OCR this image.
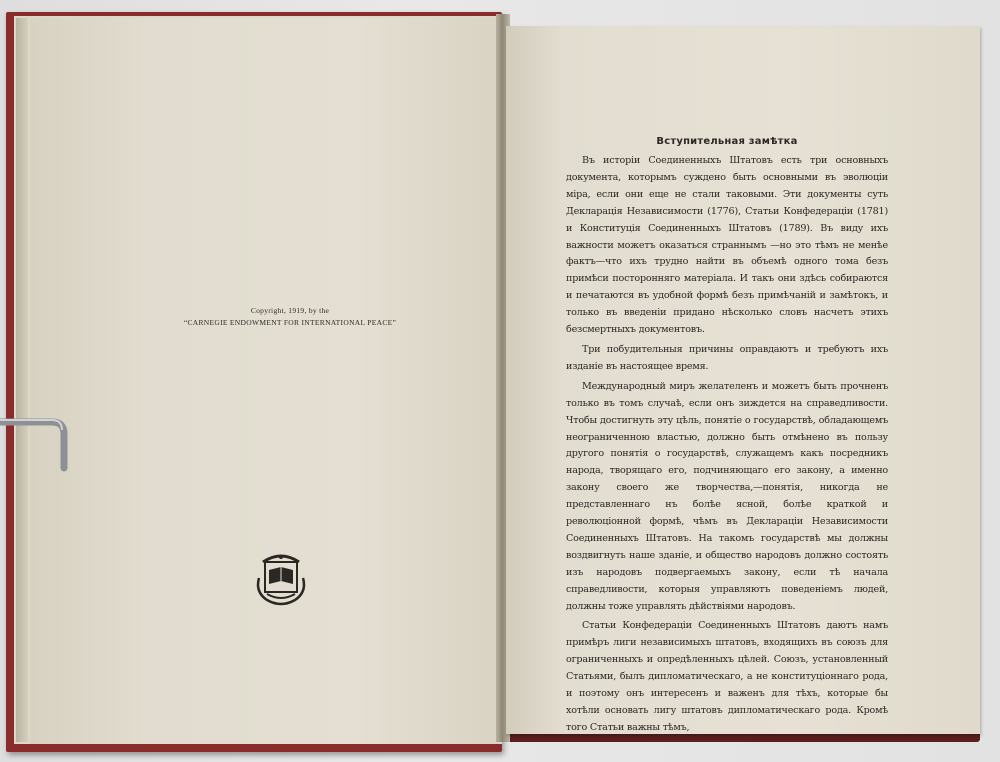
Copyright, 1919, by the
“CARNEGIE ENDOWMENT FOR INTERNATIONAL PEACE”
Вступительная замѣтка

Въ исторіи Соединенныхъ Штатовъ есть три основныхъ документа, которымъ суждено быть основными въ эволюціи міра, если они еще не стали таковыми. Эти документы суть Декларація Независимости (1776), Статьи Конфедераціи (1781) и Конституція Соединенныхъ Штатовъ (1789). Въ виду ихъ важности можетъ оказаться страннымъ —но это тѣмъ не менѣе фактъ—что ихъ трудно найти въ объемѣ одного тома безъ примѣси посторонняго матеріала. И такъ они здѣсь собираются и печатаются въ удобной формѣ безъ примѣчаній и замѣтокъ, и только въ введеніи придано нѣсколько словъ насчетъ этихъ безсмертныхъ документовъ.

Три побудительныя причины оправдаютъ и требуютъ ихъ изданіе въ настоящее время.

Международный миръ желателенъ и можетъ быть прочненъ только въ томъ случаѣ, если онъ зиждется на справедливости. Чтобы достигнуть эту цѣль, понятіе о государствѣ, обладающемъ неограниченною властью, должно быть отмѣнено въ пользу другого понятія о государствѣ, служащемъ какъ посредникъ народа, творящаго его, подчиняющаго его закону, а именно закону своего же творчества,—понятія, никогда не представленнаго нъ болѣе ясной, болѣе краткой и революціонной формѣ, чѣмъ въ Декларацiи Независимости Соединенныхъ Штатовъ. На такомъ государствѣ мы должны воздвигнуть наше зданіе, и общество народовъ должно состоять изъ народовъ подвергаемыхъ закону, если тѣ начала справедливости, которыя управляютъ поведеніемъ людей, должны тоже управлять дѣйствіями народовъ.

Статьи Конфедераціи Соединенныхъ Штатовъ даютъ намъ примѣръ лиги независимыхъ штатовъ, входящихъ въ союзъ для ограниченныхъ и опредѣленныхъ цѣлей. Союзъ, установленный Статьями, былъ дипломатическаго, а не конституціоннаго рода, и поэтому онъ интересенъ и важенъ для тѣхъ, которые бы хотѣли основать лигу штатовъ дипломатическаго рода. Кромѣ того Статьи важны тѣмъ,
